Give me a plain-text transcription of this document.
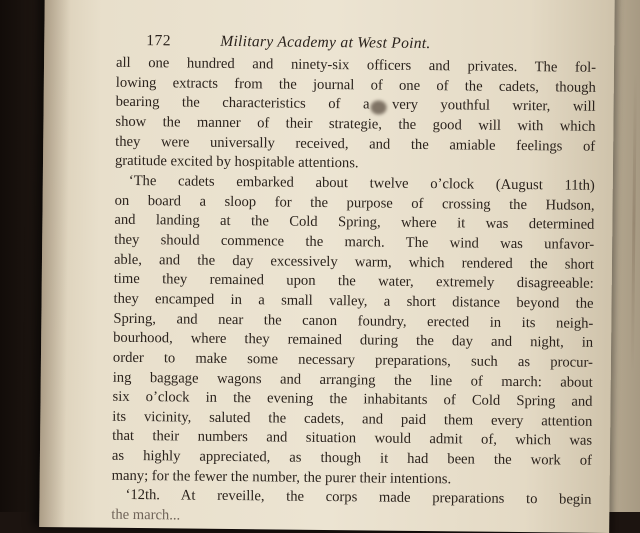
172	Military Academy at West Point.
all one hundred and ninety-six officers and privates. The fol-
lowing extracts from the journal of one of the cadets, though
bearing the characteristics of a very youthful writer, will
show the manner of their strategie, the good will with which
they were universally received, and the amiable feelings of
gratitude excited by hospitable attentions.
‘The cadets embarked about twelve o’clock (August 11th)
on board a sloop for the purpose of crossing the Hudson,
and landing at the Cold Spring, where it was determined
they should commence the march. The wind was unfavor-
able, and the day excessively warm, which rendered the short
time they remained upon the water, extremely disagreeable:
they encamped in a small valley, a short distance beyond the
Spring, and near the canon foundry, erected in its neigh-
bourhood, where they remained during the day and night, in
order to make some necessary preparations, such as procur-
ing baggage wagons and arranging the line of march: about
six o’clock in the evening the inhabitants of Cold Spring and
its vicinity, saluted the cadets, and paid them every attention
that their numbers and situation would admit of, which was
as highly appreciated, as though it had been the work of
many; for the fewer the number, the purer their intentions.
‘12th. At reveille, the corps made preparations to begin
the march...
